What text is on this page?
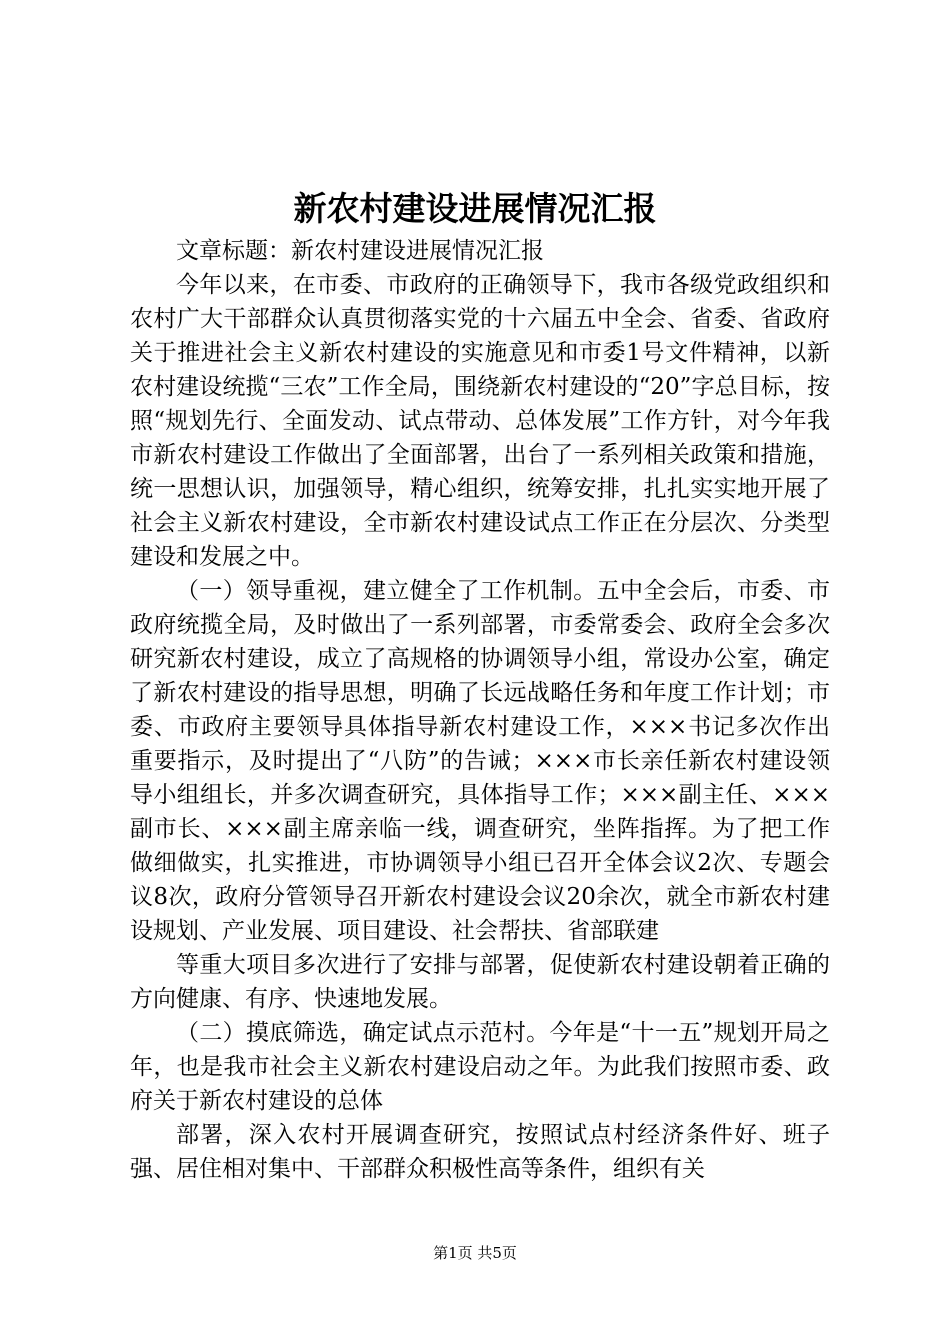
新农村建设进展情况汇报

文章标题：新农村建设进展情况汇报

今年以来，在市委、市政府的正确领导下，我市各级党政组织和农村广大干部群众认真贯彻落实党的十六届五中全会、省委、省政府关于推进社会主义新农村建设的实施意见和市委1号文件精神，以新农村建设统揽“三农”工作全局，围绕新农村建设的“20”字总目标，按照“规划先行、全面发动、试点带动、总体发展”工作方针，对今年我市新农村建设工作做出了全面部署，出台了一系列相关政策和措施，统一思想认识，加强领导，精心组织，统筹安排，扎扎实实地开展了社会主义新农村建设，全市新农村建设试点工作正在分层次、分类型建设和发展之中。

（一）领导重视，建立健全了工作机制。五中全会后，市委、市政府统揽全局，及时做出了一系列部署，市委常委会、政府全会多次研究新农村建设，成立了高规格的协调领导小组，常设办公室，确定了新农村建设的指导思想，明确了长远战略任务和年度工作计划；市委、市政府主要领导具体指导新农村建设工作，×××书记多次作出重要指示，及时提出了“八防”的告诫；×××市长亲任新农村建设领导小组组长，并多次调查研究，具体指导工作；×××副主任、×××副市长、×××副主席亲临一线，调查研究，坐阵指挥。为了把工作做细做实，扎实推进，市协调领导小组已召开全体会议2次、专题会议8次，政府分管领导召开新农村建设会议20余次，就全市新农村建设规划、产业发展、项目建设、社会帮扶、省部联建

等重大项目多次进行了安排与部署，促使新农村建设朝着正确的方向健康、有序、快速地发展。

（二）摸底筛选，确定试点示范村。今年是“十一五”规划开局之年，也是我市社会主义新农村建设启动之年。为此我们按照市委、政府关于新农村建设的总体

部署，深入农村开展调查研究，按照试点村经济条件好、班子强、居住相对集中、干部群众积极性高等条件，组织有关

第1页 共5页
